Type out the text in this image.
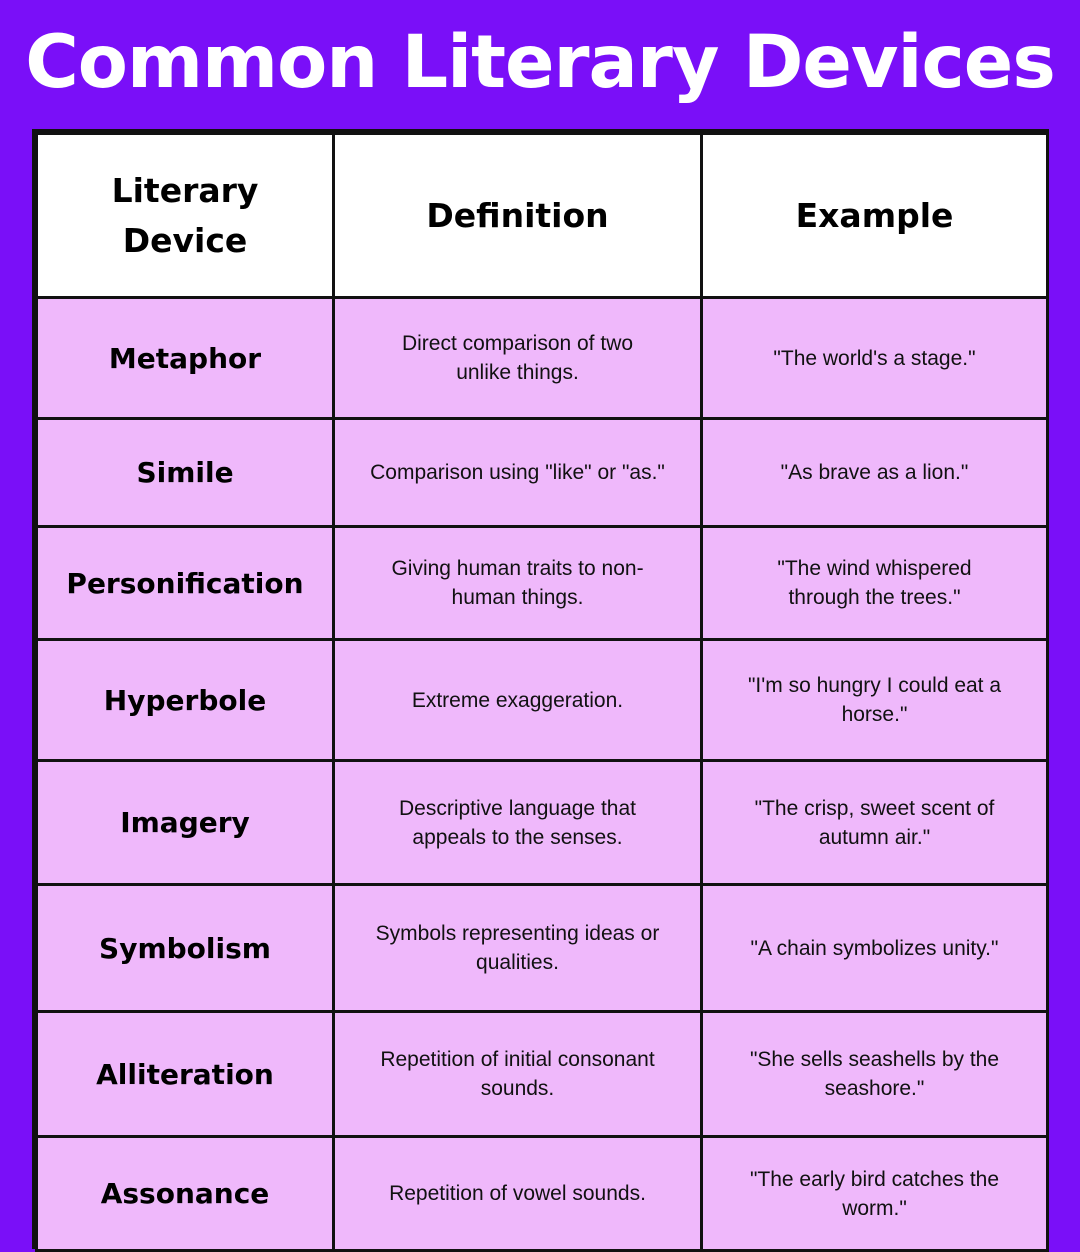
Common Literary Devices
Literary Device	Definition	Example
Metaphor	Direct comparison of two unlike things.	"The world's a stage."
Simile	Comparison using "like" or "as."	"As brave as a lion."
Personification	Giving human traits to non-human things.	"The wind whispered through the trees."
Hyperbole	Extreme exaggeration.	"I'm so hungry I could eat a horse."
Imagery	Descriptive language that appeals to the senses.	"The crisp, sweet scent of autumn air."
Symbolism	Symbols representing ideas or qualities.	"A chain symbolizes unity."
Alliteration	Repetition of initial consonant sounds.	"She sells seashells by the seashore."
Assonance	Repetition of vowel sounds.	"The early bird catches the worm."
